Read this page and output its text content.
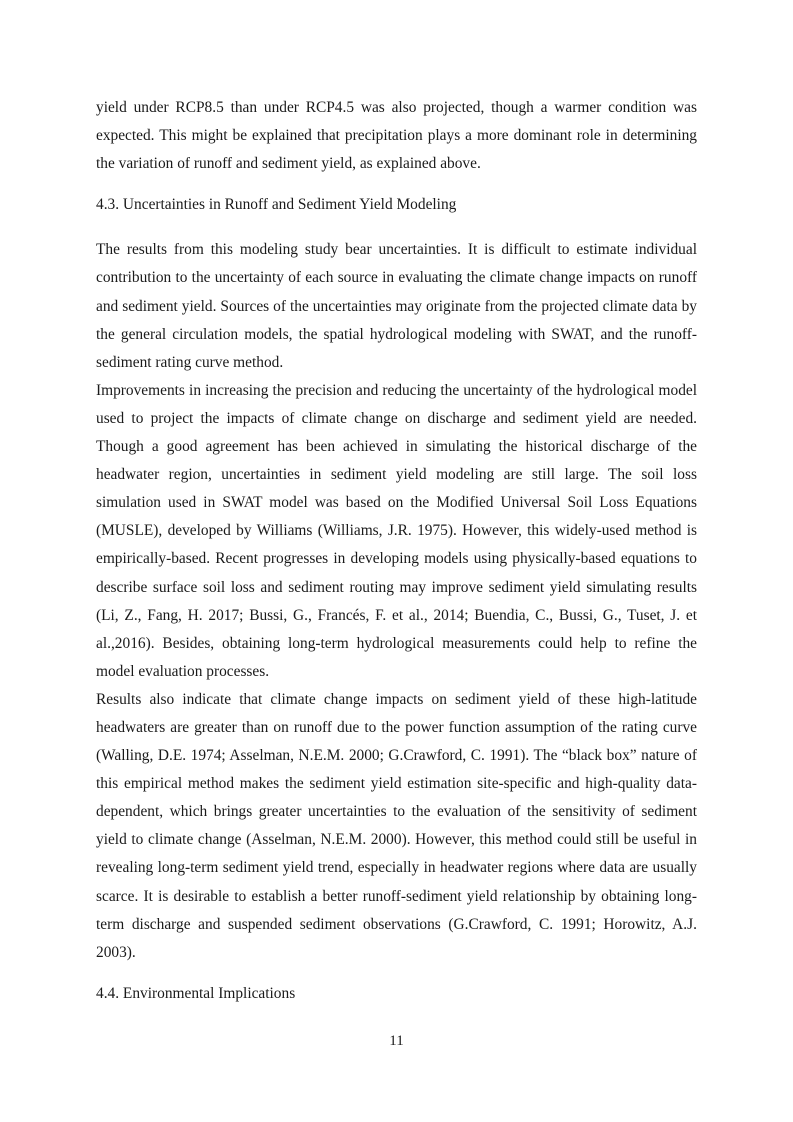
yield under RCP8.5 than under RCP4.5 was also projected, though a warmer condition was expected. This might be explained that precipitation plays a more dominant role in determining the variation of runoff and sediment yield, as explained above.

4.3. Uncertainties in Runoff and Sediment Yield Modeling

The results from this modeling study bear uncertainties. It is difficult to estimate individual contribution to the uncertainty of each source in evaluating the climate change impacts on runoff and sediment yield. Sources of the uncertainties may originate from the projected climate data by the general circulation models, the spatial hydrological modeling with SWAT, and the runoff-sediment rating curve method.

Improvements in increasing the precision and reducing the uncertainty of the hydrological model used to project the impacts of climate change on discharge and sediment yield are needed. Though a good agreement has been achieved in simulating the historical discharge of the headwater region, uncertainties in sediment yield modeling are still large. The soil loss simulation used in SWAT model was based on the Modified Universal Soil Loss Equations (MUSLE), developed by Williams (Williams, J.R. 1975). However, this widely-used method is empirically-based. Recent progresses in developing models using physically-based equations to describe surface soil loss and sediment routing may improve sediment yield simulating results (Li, Z., Fang, H. 2017; Bussi, G., Francés, F. et al., 2014; Buendia, C., Bussi, G., Tuset, J. et al.,2016). Besides, obtaining long-term hydrological measurements could help to refine the model evaluation processes.

Results also indicate that climate change impacts on sediment yield of these high-latitude headwaters are greater than on runoff due to the power function assumption of the rating curve (Walling, D.E. 1974; Asselman, N.E.M. 2000; G.Crawford, C. 1991). The “black box” nature of this empirical method makes the sediment yield estimation site-specific and high-quality data-dependent, which brings greater uncertainties to the evaluation of the sensitivity of sediment yield to climate change (Asselman, N.E.M. 2000). However, this method could still be useful in revealing long-term sediment yield trend, especially in headwater regions where data are usually scarce. It is desirable to establish a better runoff-sediment yield relationship by obtaining long-term discharge and suspended sediment observations (G.Crawford, C. 1991; Horowitz, A.J. 2003).

4.4. Environmental Implications

11
